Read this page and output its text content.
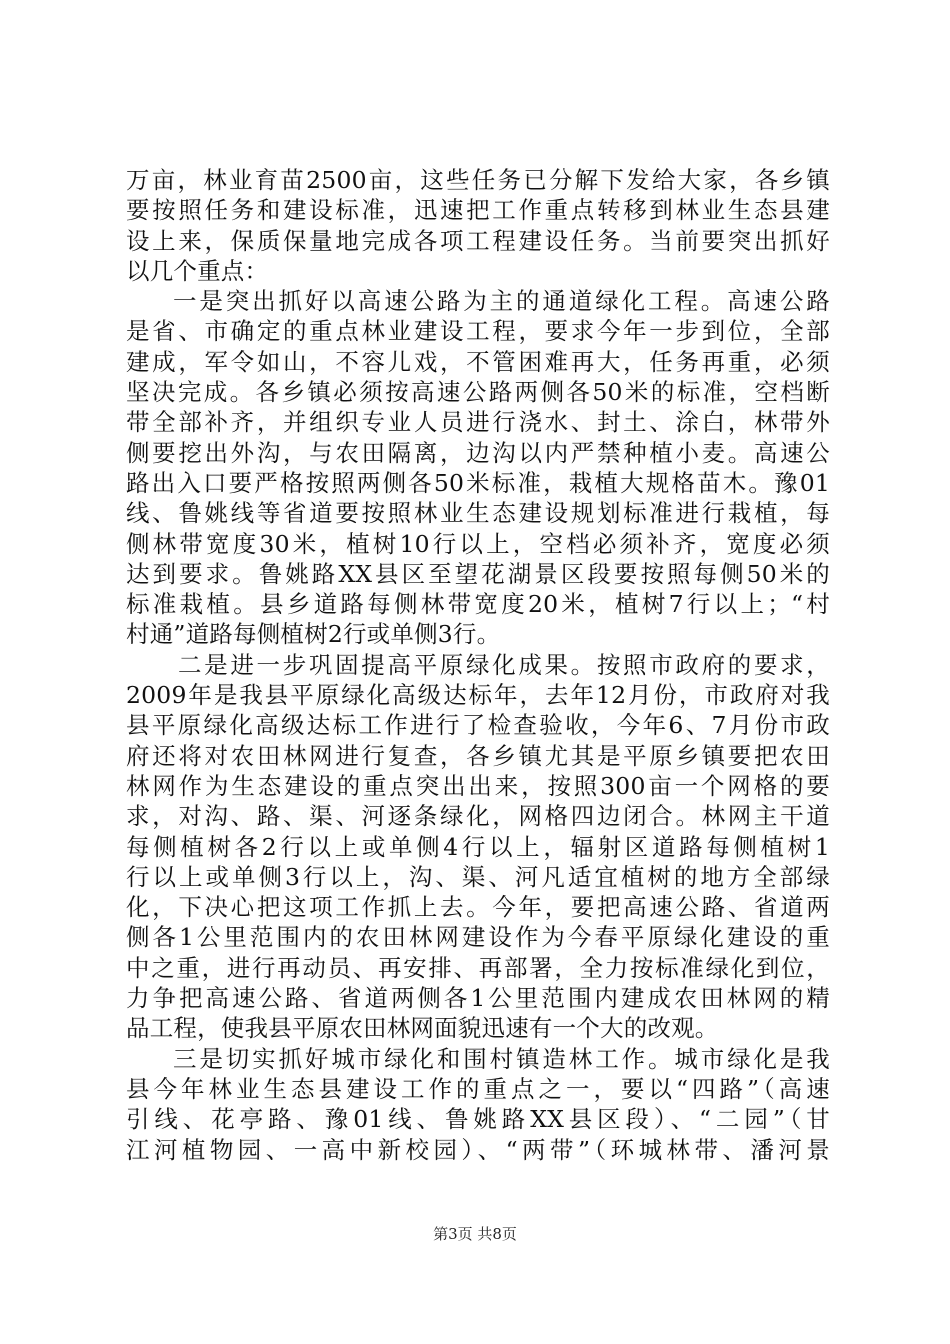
万亩，林业育苗2500亩，这些任务已分解下发给大家，各乡镇
要按照任务和建设标准，迅速把工作重点转移到林业生态县建
设上来，保质保量地完成各项工程建设任务。当前要突出抓好
以几个重点：
一是突出抓好以高速公路为主的通道绿化工程。高速公路
是省、市确定的重点林业建设工程，要求今年一步到位，全部
建成，军令如山，不容儿戏，不管困难再大，任务再重，必须
坚决完成。各乡镇必须按高速公路两侧各50米的标准，空档断
带全部补齐，并组织专业人员进行浇水、封土、涂白，林带外
侧要挖出外沟，与农田隔离，边沟以内严禁种植小麦。高速公
路出入口要严格按照两侧各50米标准，栽植大规格苗木。豫01
线、鲁姚线等省道要按照林业生态建设规划标准进行栽植，每
侧林带宽度30米，植树10行以上，空档必须补齐，宽度必须
达到要求。鲁姚路XX县区至望花湖景区段要按照每侧50米的
标准栽植。县乡道路每侧林带宽度20米，植树7行以上；“村
村通”道路每侧植树2行或单侧3行。
二是进一步巩固提高平原绿化成果。按照市政府的要求，
2009年是我县平原绿化高级达标年，去年12月份，市政府对我
县平原绿化高级达标工作进行了检查验收，今年6、7月份市政
府还将对农田林网进行复查，各乡镇尤其是平原乡镇要把农田
林网作为生态建设的重点突出出来，按照300亩一个网格的要
求，对沟、路、渠、河逐条绿化，网格四边闭合。林网主干道
每侧植树各2行以上或单侧4行以上，辐射区道路每侧植树1
行以上或单侧3行以上，沟、渠、河凡适宜植树的地方全部绿
化，下决心把这项工作抓上去。今年，要把高速公路、省道两
侧各1公里范围内的农田林网建设作为今春平原绿化建设的重
中之重，进行再动员、再安排、再部署，全力按标准绿化到位，
力争把高速公路、省道两侧各1公里范围内建成农田林网的精
品工程，使我县平原农田林网面貌迅速有一个大的改观。
三是切实抓好城市绿化和围村镇造林工作。城市绿化是我
县今年林业生态县建设工作的重点之一，要以“四路”（高速
引线、花亭路、豫01线、鲁姚路XX县区段）、“二园”（甘
江河植物园、一高中新校园）、“两带”（环城林带、潘河景
第3页 共8页
